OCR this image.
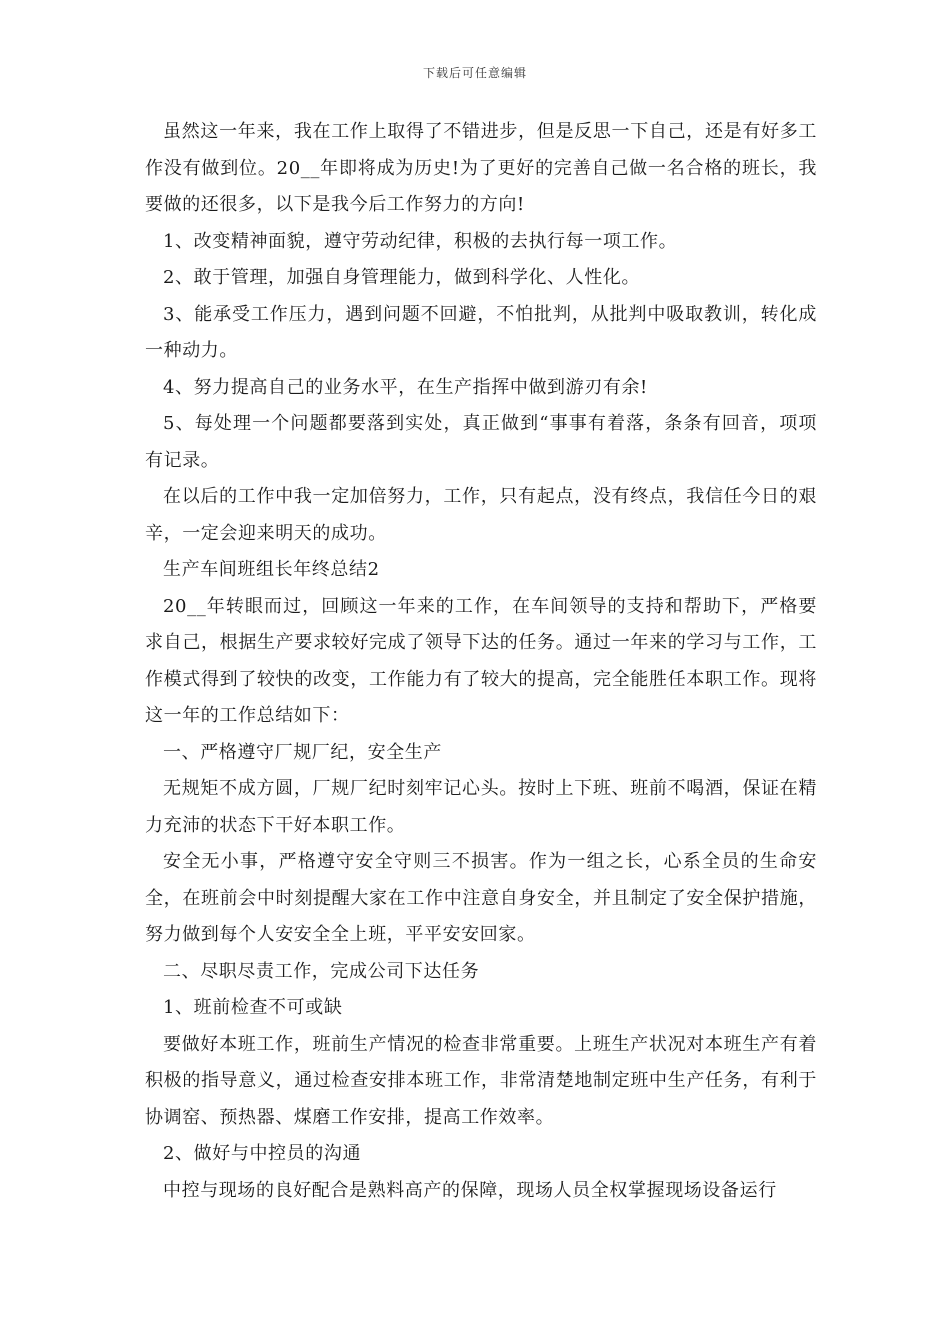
下载后可任意编辑

虽然这一年来，我在工作上取得了不错进步，但是反思一下自己，还是有好多工作没有做到位。20__年即将成为历史!为了更好的完善自己做一名合格的班长，我要做的还很多，以下是我今后工作努力的方向!

1、改变精神面貌，遵守劳动纪律，积极的去执行每一项工作。

2、敢于管理，加强自身管理能力，做到科学化、人性化。

3、能承受工作压力，遇到问题不回避，不怕批判，从批判中吸取教训，转化成一种动力。

4、努力提高自己的业务水平，在生产指挥中做到游刃有余!

5、每处理一个问题都要落到实处，真正做到“事事有着落，条条有回音，项项有记录。

在以后的工作中我一定加倍努力，工作，只有起点，没有终点，我信任今日的艰辛，一定会迎来明天的成功。

生产车间班组长年终总结2

20__年转眼而过，回顾这一年来的工作，在车间领导的支持和帮助下，严格要求自己，根据生产要求较好完成了领导下达的任务。通过一年来的学习与工作，工作模式得到了较快的改变，工作能力有了较大的提高，完全能胜任本职工作。现将这一年的工作总结如下：

一、严格遵守厂规厂纪，安全生产

无规矩不成方圆，厂规厂纪时刻牢记心头。按时上下班、班前不喝酒，保证在精力充沛的状态下干好本职工作。

安全无小事，严格遵守安全守则三不损害。作为一组之长，心系全员的生命安全，在班前会中时刻提醒大家在工作中注意自身安全，并且制定了安全保护措施，努力做到每个人安安全全上班，平平安安回家。

二、尽职尽责工作，完成公司下达任务

1、班前检查不可或缺

要做好本班工作，班前生产情况的检查非常重要。上班生产状况对本班生产有着积极的指导意义，通过检查安排本班工作，非常清楚地制定班中生产任务，有利于协调窑、预热器、煤磨工作安排，提高工作效率。

2、做好与中控员的沟通

中控与现场的良好配合是熟料高产的保障，现场人员全权掌握现场设备运行
